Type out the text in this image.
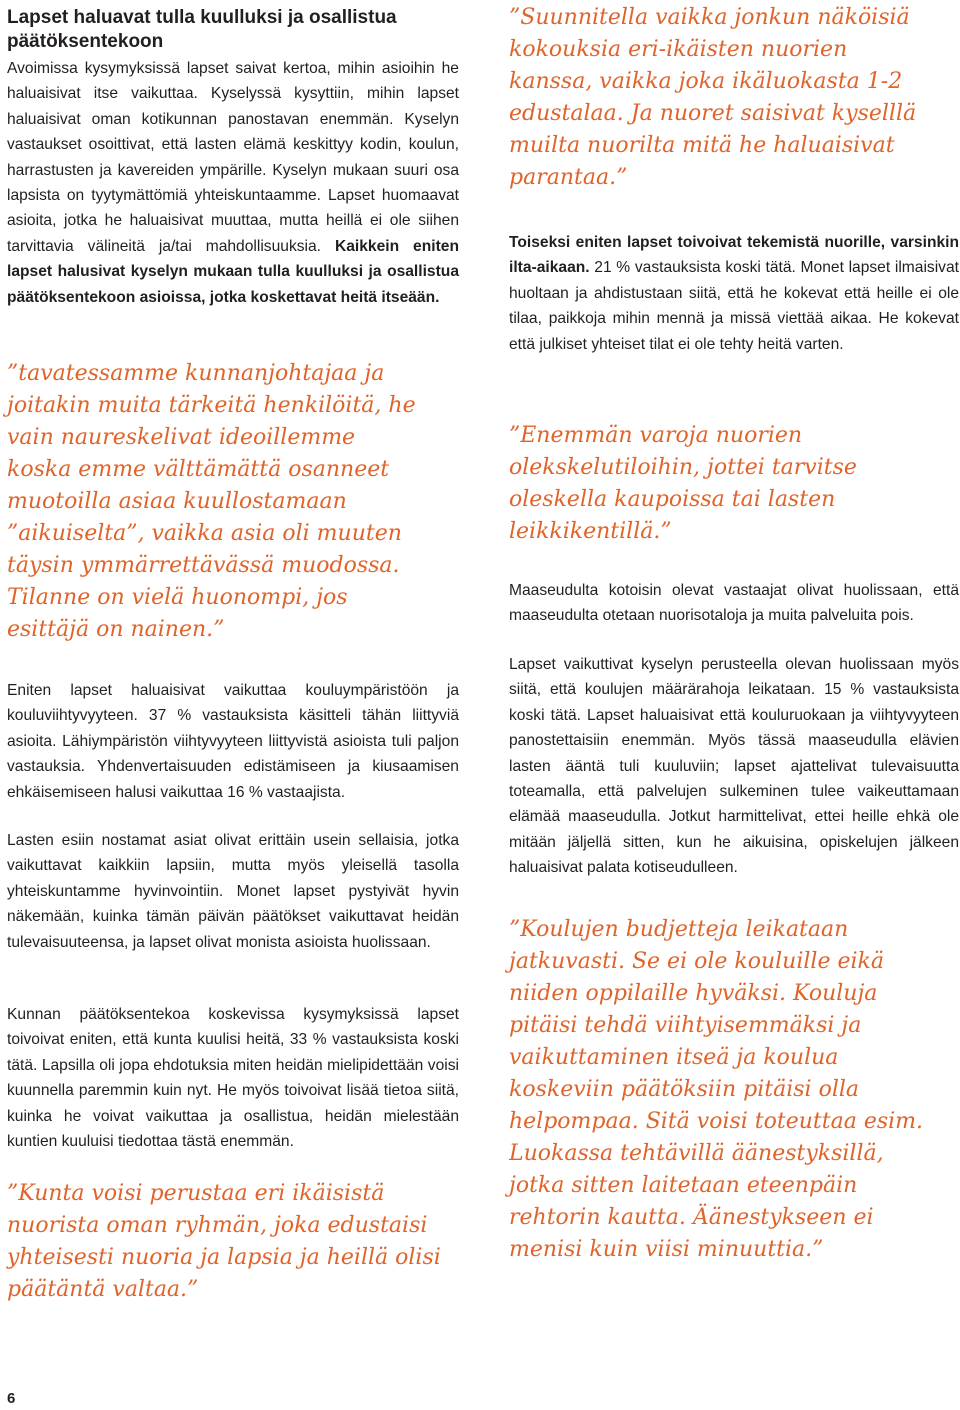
Lapset haluavat tulla kuulluksi ja osallistua päätöksentekoon

Avoimissa kysymyksissä lapset saivat kertoa, mihin asioihin he haluaisivat itse vaikuttaa. Kyselyssä kysyttiin, mihin lapset haluaisivat oman kotikunnan panostavan enemmän. Kyselyn vastaukset osoittivat, että lasten elämä keskittyy kodin, koulun, harrastusten ja kavereiden ympärille. Kyselyn mukaan suuri osa lapsista on tyytymättömiä yhteiskuntaamme. Lapset huomaavat asioita, jotka he haluaisivat muuttaa, mutta heillä ei ole siihen tarvittavia välineitä ja/tai mahdollisuuksia. Kaikkein eniten lapset halusivat kyselyn mukaan tulla kuulluksi ja osallistua päätöksentekoon asioissa, jotka koskettavat heitä itseään.

”tavatessamme kunnanjohtajaa ja joitakin muita tärkeitä henkilöitä, he vain naureskelivat ideoillemme koska emme välttämättä osanneet muotoilla asiaa kuullostamaan ”aikuiselta”, vaikka asia oli muuten täysin ymmärrettävässä muodossa. Tilanne on vielä huonompi, jos esittäjä on nainen.”

Eniten lapset haluaisivat vaikuttaa kouluympäristöön ja kouluviihtyvyyteen. 37 % vastauksista käsitteli tähän liittyviä asioita. Lähiympäristön viihtyvyyteen liittyvistä asioista tuli paljon vastauksia. Yhdenvertaisuuden edistämiseen ja kiusaamisen ehkäisemiseen halusi vaikuttaa 16 % vastaajista.

Lasten esiin nostamat asiat olivat erittäin usein sellaisia, jotka vaikuttavat kaikkiin lapsiin, mutta myös yleisellä tasolla yhteiskuntamme hyvinvointiin. Monet lapset pystyivät hyvin näkemään, kuinka tämän päivän päätökset vaikuttavat heidän tulevaisuuteensa, ja lapset olivat monista asioista huolissaan.

Kunnan päätöksentekoa koskevissa kysymyksissä lapset toivoivat eniten, että kunta kuulisi heitä, 33 % vastauksista koski tätä. Lapsilla oli jopa ehdotuksia miten heidän mielipidettään voisi kuunnella paremmin kuin nyt. He myös toivoivat lisää tietoa siitä, kuinka he voivat vaikuttaa ja osallistua, heidän mielestään kuntien kuuluisi tiedottaa tästä enemmän.

”Kunta voisi perustaa eri ikäisistä nuorista oman ryhmän, joka edustaisi yhteisesti nuoria ja lapsia ja heillä olisi päätäntä valtaa.”

”Suunnitella vaikka jonkun näköisiä kokouksia eri-ikäisten nuorien kanssa, vaikka joka ikäluokasta 1-2 edustalaa. Ja nuoret saisivat kyselllä muilta nuorilta mitä he haluaisivat parantaa.”

Toiseksi eniten lapset toivoivat tekemistä nuorille, varsinkin ilta-aikaan. 21 % vastauksista koski tätä. Monet lapset ilmaisivat huoltaan ja ahdistustaan siitä, että he kokevat että heille ei ole tilaa, paikkoja mihin mennä ja missä viettää aikaa. He kokevat että julkiset yhteiset tilat ei ole tehty heitä varten.

”Enemmän varoja nuorien olekskelutiloihin, jottei tarvitse oleskella kaupoissa tai lasten leikkikentillä.”

Maaseudulta kotoisin olevat vastaajat olivat huolissaan, että maaseudulta otetaan nuorisotaloja ja muita palveluita pois.

Lapset vaikuttivat kyselyn perusteella olevan huolissaan myös siitä, että koulujen määrärahoja leikataan. 15 % vastauksista koski tätä. Lapset haluaisivat että kouluruokaan ja viihtyvyyteen panostettaisiin enemmän. Myös tässä maaseudulla elävien lasten ääntä tuli kuuluviin; lapset ajattelivat tulevaisuutta toteamalla, että palvelujen sulkeminen tulee vaikeuttamaan elämää maaseudulla. Jotkut harmittelivat, ettei heille ehkä ole mitään jäljellä sitten, kun he aikuisina, opiskelujen jälkeen haluaisivat palata kotiseudulleen.

”Koulujen budjetteja leikataan jatkuvasti. Se ei ole kouluille eikä niiden oppilaille hyväksi. Kouluja pitäisi tehdä viihtyisemmäksi ja vaikuttaminen itseä ja koulua koskeviin päätöksiin pitäisi olla helpompaa. Sitä voisi toteuttaa esim. Luokassa tehtävillä äänestyksillä, jotka sitten laitetaan eteenpäin rehtorin kautta. Äänestykseen ei menisi kuin viisi minuuttia.”

6
